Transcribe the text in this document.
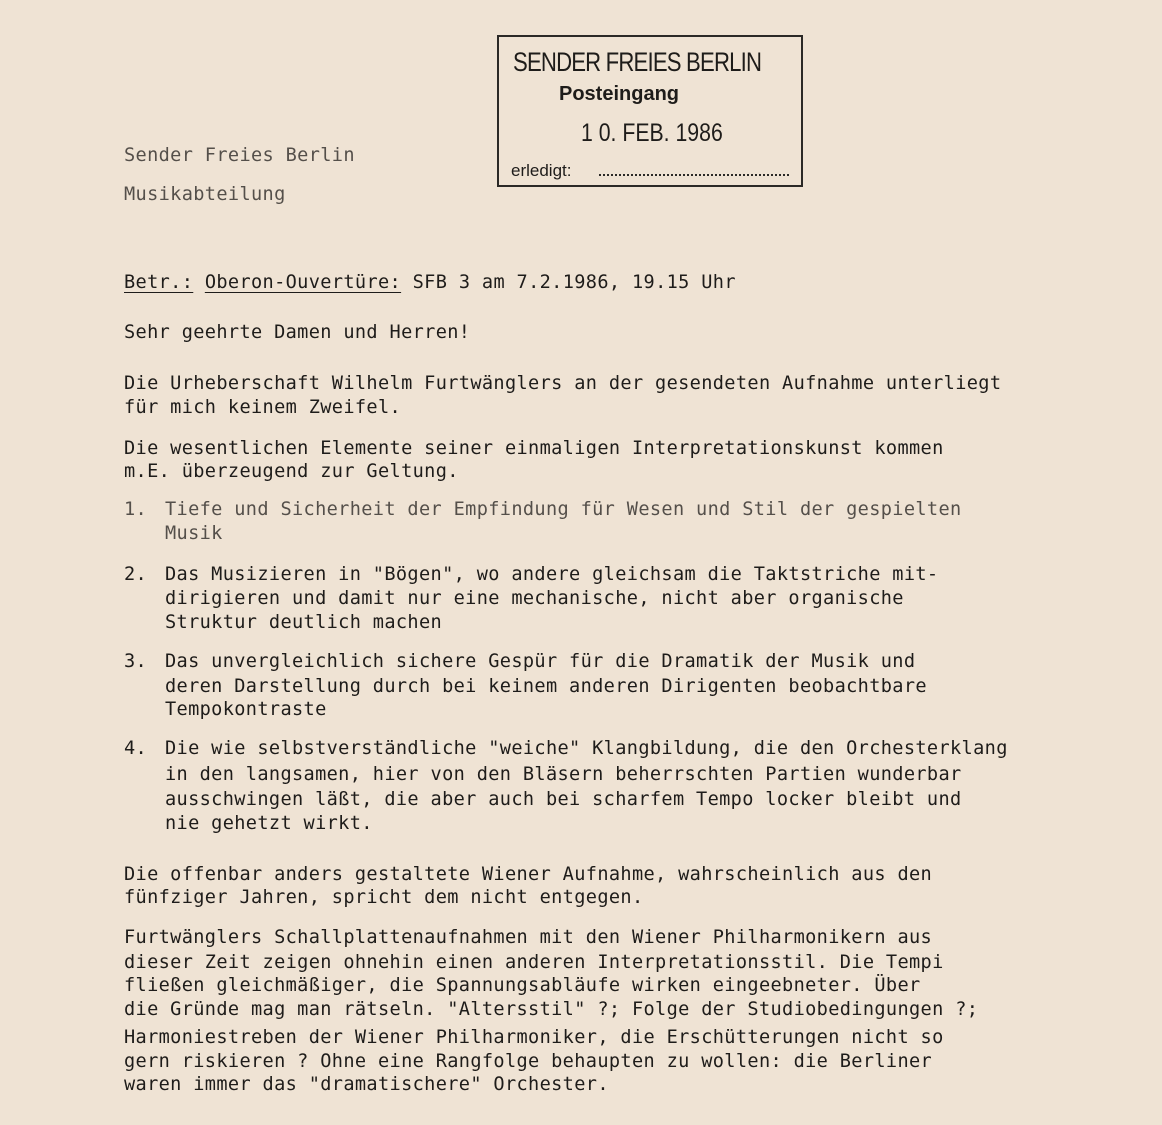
SENDER FREIES BERLIN
Posteingang
1 0. FEB. 1986
erledigt:
Sender Freies Berlin
Musikabteilung
Betr.: Oberon-Ouvertüre: SFB 3 am 7.2.1986, 19.15 Uhr
Sehr geehrte Damen und Herren!
Die Urheberschaft Wilhelm Furtwänglers an der gesendeten Aufnahme unterliegt
für mich keinem Zweifel.
Die wesentlichen Elemente seiner einmaligen Interpretationskunst kommen
m.E. überzeugend zur Geltung.
1. Tiefe und Sicherheit der Empfindung für Wesen und Stil der gespielten
Musik
2. Das Musizieren in "Bögen", wo andere gleichsam die Taktstriche mit-
dirigieren und damit nur eine mechanische, nicht aber organische
Struktur deutlich machen
3. Das unvergleichlich sichere Gespür für die Dramatik der Musik und
deren Darstellung durch bei keinem anderen Dirigenten beobachtbare
Tempokontraste
4. Die wie selbstverständliche "weiche" Klangbildung, die den Orchesterklang
in den langsamen, hier von den Bläsern beherrschten Partien wunderbar
ausschwingen läßt, die aber auch bei scharfem Tempo locker bleibt und
nie gehetzt wirkt.
Die offenbar anders gestaltete Wiener Aufnahme, wahrscheinlich aus den
fünfziger Jahren, spricht dem nicht entgegen.
Furtwänglers Schallplattenaufnahmen mit den Wiener Philharmonikern aus
dieser Zeit zeigen ohnehin einen anderen Interpretationsstil. Die Tempi
fließen gleichmäßiger, die Spannungsabläufe wirken eingeebneter. Über
die Gründe mag man rätseln. "Altersstil" ?; Folge der Studiobedingungen ?;
Harmoniestreben der Wiener Philharmoniker, die Erschütterungen nicht so
gern riskieren ? Ohne eine Rangfolge behaupten zu wollen: die Berliner
waren immer das "dramatischere" Orchester.
